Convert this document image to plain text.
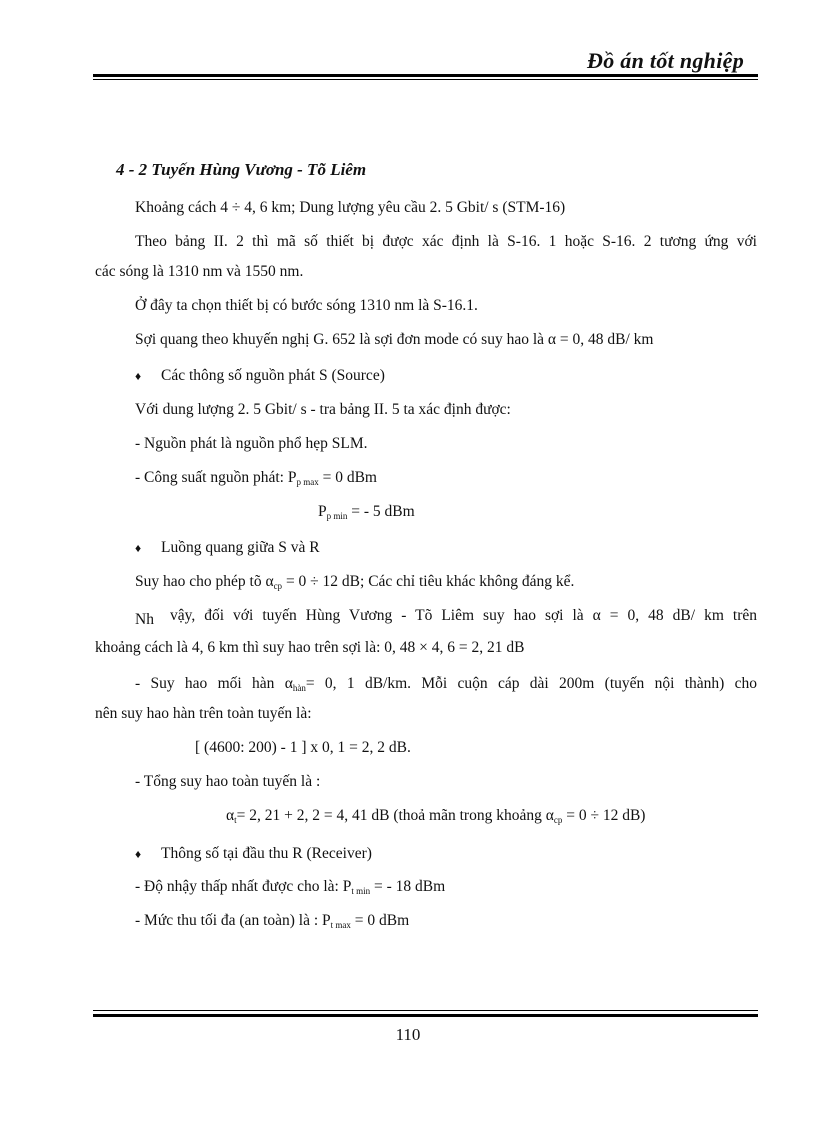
Đồ án tốt nghiệp
4 - 2 Tuyến Hùng Vương - Tõ Liêm
Khoảng cách 4 ÷ 4, 6 km; Dung lượng yêu cầu 2. 5 Gbit/ s (STM-16)
Theo bảng II. 2 thì mã số thiết bị được xác định là S-16. 1 hoặc S-16. 2 tương ứng với
các sóng là 1310 nm và 1550 nm.
Ở đây ta chọn thiết bị có bước sóng 1310 nm là S-16.1.
Sợi quang theo khuyến nghị G. 652 là sợi đơn mode có suy hao là α = 0, 48 dB/ km
♦ Các thông số nguồn phát S (Source)
Với dung lượng 2. 5 Gbit/ s - tra bảng II. 5 ta xác định được:
- Nguồn phát là nguồn phổ hẹp SLM.
- Công suất nguồn phát: $P_{p max} = 0$ dBm
$P_{p min}$ = - 5 dBm
♦ Luồng quang giữa S và R
Suy hao cho phép tõ $\alpha_{cp} = 0 \div 12$ dB; Các chỉ tiêu khác không đáng kể.
Nh vậy, đối với tuyến Hùng Vương - Tõ Liêm suy hao sợi là α = 0, 48 dB/ km trên
khoảng cách là 4, 6 km thì suy hao trên sợi là: 0, 48 × 4, 6 = 2, 21 dB
- Suy hao mối hàn $\alpha_{hàn}= 0$, 1 dB/km. Mỗi cuộn cáp dài 200m (tuyến nội thành) cho
nên suy hao hàn trên toàn tuyến là:
[ (4600: 200) - 1 ] x 0, 1 = 2, 2 dB.
- Tổng suy hao toàn tuyến là :
$\alpha_t= 2$, 21 + 2, 2 = 4, 41 dB (thoả mãn trong khoảng $\alpha_{cp} = 0 \div 12$ dB)
♦ Thông số tại đầu thu R (Receiver)
- Độ nhậy thấp nhất được cho là: $P_{t min}$ = - 18 dBm
- Mức thu tối đa (an toàn) là : $P_{t max} = 0$ dBm
110
